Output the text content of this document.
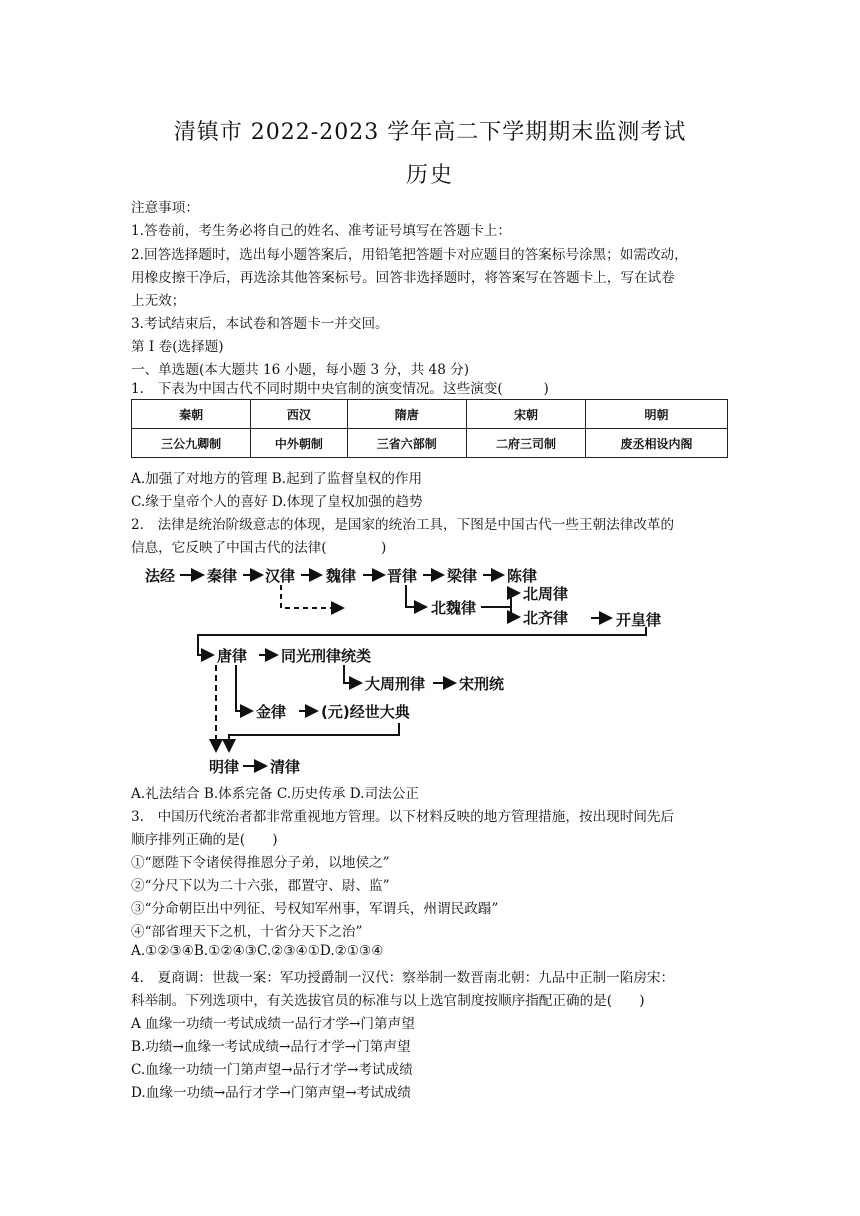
清镇市 2022-2023 学年高二下学期期末监测考试
历史
注意事项：
1.答卷前，考生务必将自己的姓名、准考证号填写在答题卡上：
2.回答选择题时，选出每小题答案后，用铅笔把答题卡对应题目的答案标号涂黑；如需改动，
用橡皮擦干净后，再选涂其他答案标号。回答非选择题时，将答案写在答题卡上，写在试卷
上无效；
3.考试结束后，本试卷和答题卡一并交回。
第 I 卷(选择题)
一、单选题(本大题共 16 小题，每小题 3 分，共 48 分)
1.　下表为中国古代不同时期中央官制的演变情况。这些演变(　　　)
秦朝	西汉	隋唐	宋朝	明朝
三公九卿制	中外朝制	三省六部制	二府三司制	废丞相设内阁
A.加强了对地方的管理 B.起到了监督皇权的作用
C.缘于皇帝个人的喜好 D.体现了皇权加强的趋势
2.　法律是统治阶级意志的体现，是国家的统治工具，下图是中国古代一些王朝法律改革的
信息，它反映了中国古代的法律(　　　　)
法经 秦律 汉律 魏律 晋律 梁律 陈律
北魏律
北周律
北齐律	开皇律
唐律 同光刑律统类
大周刑律 宋刑统
金律 (元)经世大典
明律 清律
A.礼法结合 B.体系完备 C.历史传承 D.司法公正
3.　中国历代统治者都非常重视地方管理。以下材料反映的地方管理措施，按出现时间先后
顺序排列正确的是(　　)
①“愿陛下令诸侯得推恩分子弟，以地侯之”
②“分尺下以为二十六张，郡置守、尉、监”
③“分命朝臣出中列征、号权知军州事，军谓兵，州谓民政蹋”
④“部省理天下之机，十省分天下之治”
A.①②③④B.①②④③C.②③④①D.②①③④
4.　夏商调：世裁一案：军功授爵制一汉代：察举制一数晋南北朝：九品中正制一陷房宋：
科举制。下列选项中，有关选拔官员的标准与以上选官制度按顺序指配正确的是(　　)
A 血缘一功绩一考试成绩一品行才学→门第声望
B.功绩→血缘一考试成绩→品行才学→门第声望
C.血缘一功绩一门第声望→品行才学→考试成绩
D.血缘一功绩→品行才学→门第声望→考试成绩
